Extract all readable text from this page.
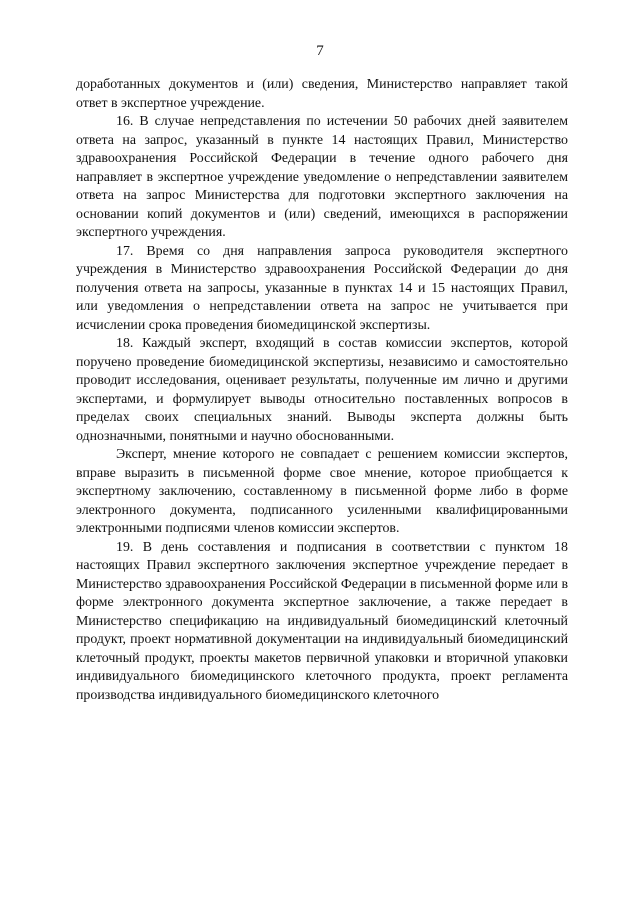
7

доработанных документов и (или) сведения, Министерство направляет такой ответ в экспертное учреждение.

16. В случае непредставления по истечении 50 рабочих дней заявителем ответа на запрос, указанный в пункте 14 настоящих Правил, Министерство здравоохранения Российской Федерации в течение одного рабочего дня направляет в экспертное учреждение уведомление о непредставлении заявителем ответа на запрос Министерства для подготовки экспертного заключения на основании копий документов и (или) сведений, имеющихся в распоряжении экспертного учреждения.

17. Время со дня направления запроса руководителя экспертного учреждения в Министерство здравоохранения Российской Федерации до дня получения ответа на запросы, указанные в пунктах 14 и 15 настоящих Правил, или уведомления о непредставлении ответа на запрос не учитывается при исчислении срока проведения биомедицинской экспертизы.

18. Каждый эксперт, входящий в состав комиссии экспертов, которой поручено проведение биомедицинской экспертизы, независимо и самостоятельно проводит исследования, оценивает результаты, полученные им лично и другими экспертами, и формулирует выводы относительно поставленных вопросов в пределах своих специальных знаний. Выводы эксперта должны быть однозначными, понятными и научно обоснованными.

Эксперт, мнение которого не совпадает с решением комиссии экспертов, вправе выразить в письменной форме свое мнение, которое приобщается к экспертному заключению, составленному в письменной форме либо в форме электронного документа, подписанного усиленными квалифицированными электронными подписями членов комиссии экспертов.

19. В день составления и подписания в соответствии с пунктом 18 настоящих Правил экспертного заключения экспертное учреждение передает в Министерство здравоохранения Российской Федерации в письменной форме или в форме электронного документа экспертное заключение, а также передает в Министерство спецификацию на индивидуальный биомедицинский клеточный продукт, проект нормативной документации на индивидуальный биомедицинский клеточный продукт, проекты макетов первичной упаковки и вторичной упаковки индивидуального биомедицинского клеточного продукта, проект регламента производства индивидуального биомедицинского клеточного
